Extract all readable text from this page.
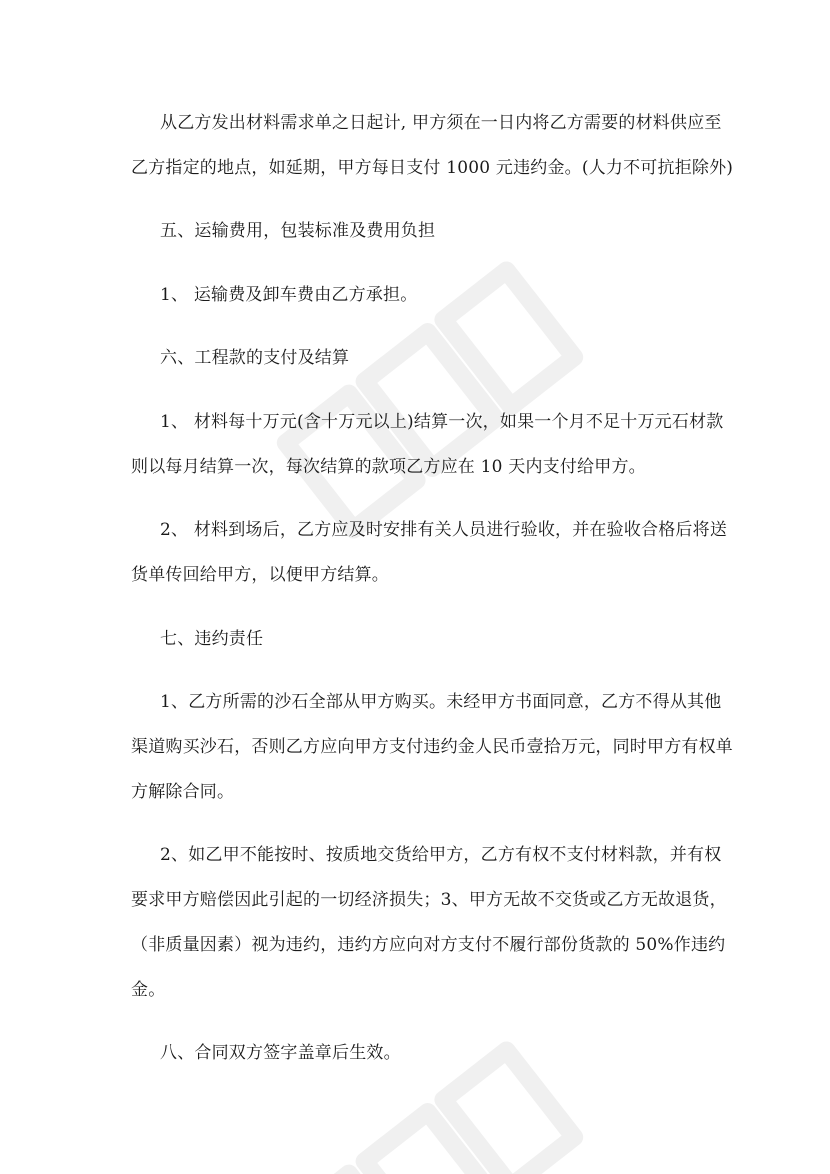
从乙方发出材料需求单之日起计, 甲方须在一日内将乙方需要的材料供应至
乙方指定的地点，如延期，甲方每日支付 1000 元违约金。(人力不可抗拒除外)
五、运输费用，包装标准及费用负担
1、 运输费及卸车费由乙方承担。
六、工程款的支付及结算
1、 材料每十万元(含十万元以上)结算一次，如果一个月不足十万元石材款
则以每月结算一次，每次结算的款项乙方应在 10 天内支付给甲方。
2、 材料到场后，乙方应及时安排有关人员进行验收，并在验收合格后将送
货单传回给甲方，以便甲方结算。
七、违约责任
1、乙方所需的沙石全部从甲方购买。未经甲方书面同意，乙方不得从其他
渠道购买沙石，否则乙方应向甲方支付违约金人民币壹拾万元，同时甲方有权单
方解除合同。
2、如乙甲不能按时、按质地交货给甲方，乙方有权不支付材料款，并有权
要求甲方赔偿因此引起的一切经济损失；3、甲方无故不交货或乙方无故退货，
（非质量因素）视为违约，违约方应向对方支付不履行部份货款的 50%作违约
金。
八、合同双方签字盖章后生效。
